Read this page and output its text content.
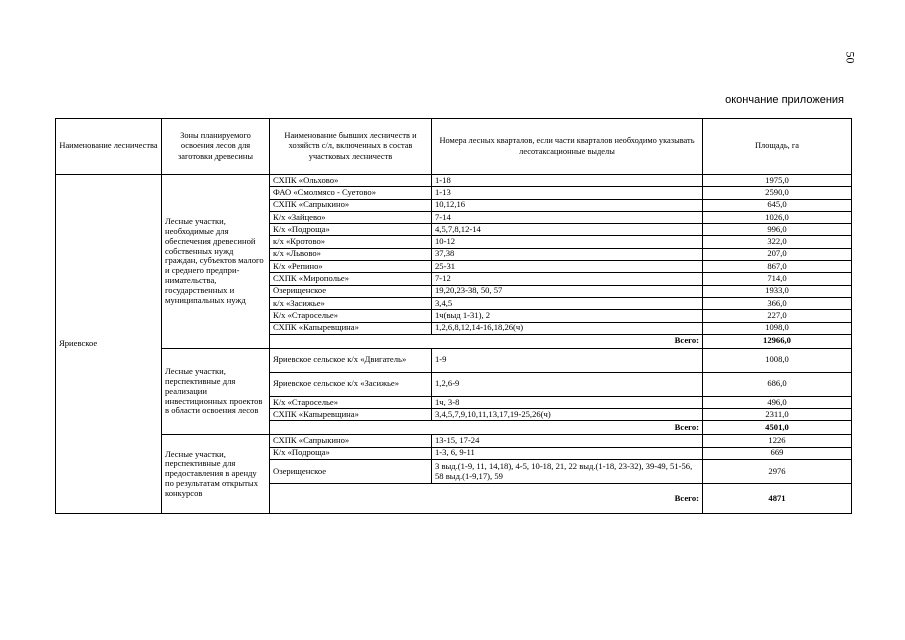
50
окончание приложения
Наименование лесничества	Зоны планируемого освоения лесов для заготовки древесины	Наименование бывших лесничеств и хозяйств с/л, включенных в состав участковых лесничеств	Номера лесных кварталов, если части кварталов необходимо указывать лесотаксационные выделы	Площадь, га
Яриевское	Лесные участки, необходимые для обеспечения древесиной собственных нужд граждан, субъектов малого и среднего предпри-нимательства, государственных и муниципальных нужд	СХПК «Ольхово»	1-18	1975,0
		ФАО «Смолмясо - Суетово»	1-13	2590,0
		СХПК «Сапрыкино»	10,12,16	645,0
		К/х «Зайцево»	7-14	1026,0
		К/х «Подроща»	4,5,7,8,12-14	996,0
		к/х «Кротово»	10-12	322,0
		к/х «Львово»	37,38	207,0
		К/х «Репино»	25-31	867,0
		СХПК «Мирополье»	7-12	714,0
		Озерищенское	19,20,23-38, 50, 57	1933,0
		к/х «Засижье»	3,4,5	366,0
		К/х «Староселье»	1ч(выд 1-31), 2	227,0
		СХПК «Капыревщина»	1,2,6,8,12,14-16,18,26(ч)	1098,0
		Всего:		12966,0
	Лесные участки, перспективные для реализации инвестиционных проектов в области освоения лесов	Яриевское сельское к/х «Двигатель»	1-9	1008,0
		Яриевское сельское к/х «Засижье»	1,2,6-9	686,0
		К/х «Староселье»	1ч, 3-8	496,0
		СХПК «Капыревщина»	3,4,5,7,9,10,11,13,17,19-25,26(ч)	2311,0
		Всего:		4501,0
	Лесные участки, перспективные для предоставления в аренду по результатам открытых конкурсов	СХПК «Сапрыкино»	13-15, 17-24	1226
		К/х «Подроща»	1-3, 6, 9-11	669
		Озерищенское	3 выд.(1-9, 11, 14,18), 4-5, 10-18, 21, 22 выд.(1-18, 23-32), 39-49, 51-56, 58 выд.(1-9,17), 59	2976
		Всего:		4871
